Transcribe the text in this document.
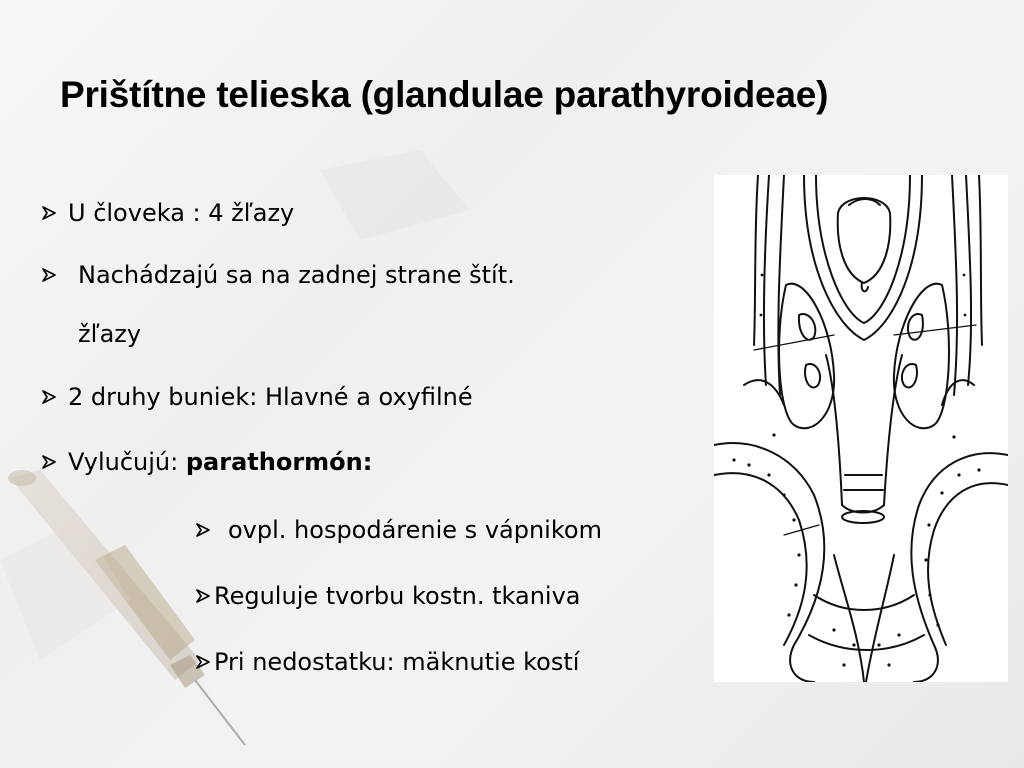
Prištítne telieska (glandulae parathyroideae)
U človeka : 4 žľazy
Nachádzajú sa na zadnej strane štít.
žľazy
2 druhy buniek: Hlavné a oxyfilné
Vylučujú: parathormón:
ovpl. hospodárenie s vápnikom
Reguluje tvorbu kostn. tkaniva
Pri nedostatku: mäknutie kostí
